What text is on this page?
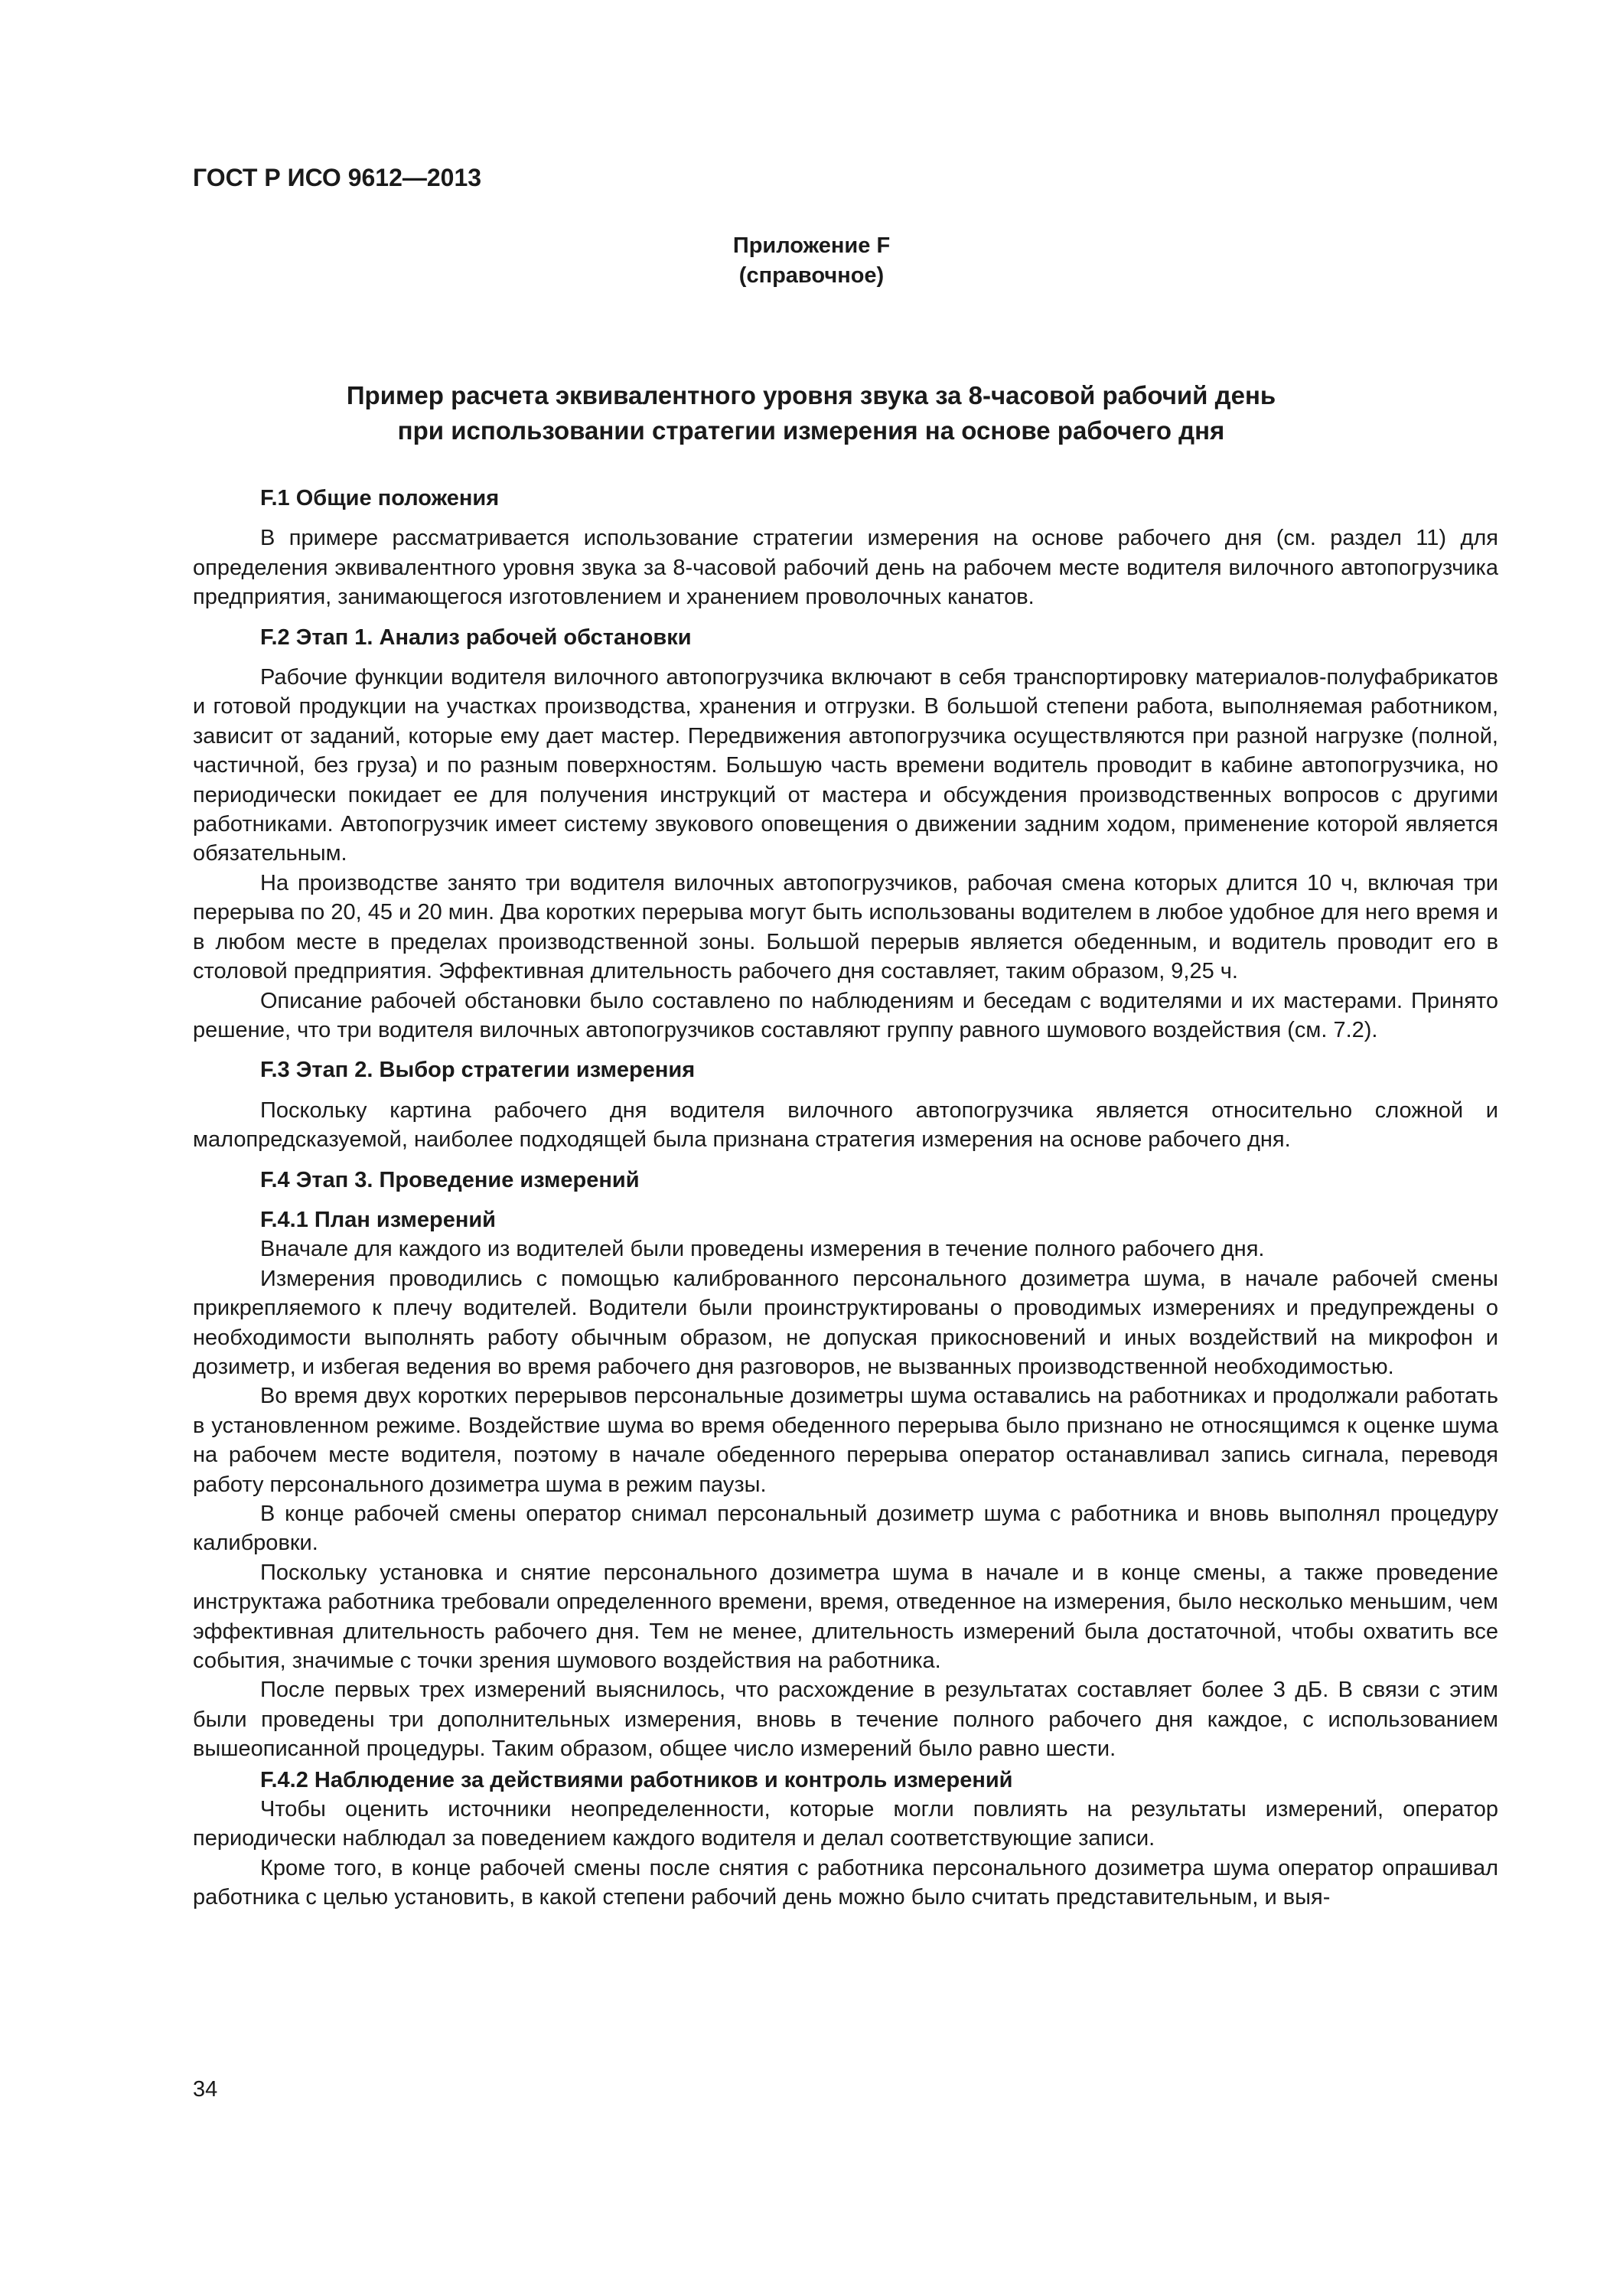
ГОСТ Р ИСО 9612—2013
Приложение F
(справочное)
Пример расчета эквивалентного уровня звука за 8-часовой рабочий день
при использовании стратегии измерения на основе рабочего дня
F.1 Общие положения

В примере рассматривается использование стратегии измерения на основе рабочего дня (см. раздел 11) для определения эквивалентного уровня звука за 8-часовой рабочий день на рабочем месте водителя вилочного автопогрузчика предприятия, занимающегося изготовлением и хранением проволочных канатов.

F.2 Этап 1. Анализ рабочей обстановки

Рабочие функции водителя вилочного автопогрузчика включают в себя транспортировку материалов-полуфабрикатов и готовой продукции на участках производства, хранения и отгрузки. В большой степени работа, выполняемая работником, зависит от заданий, которые ему дает мастер. Передвижения автопогрузчика осуществляются при разной нагрузке (полной, частичной, без груза) и по разным поверхностям. Большую часть времени водитель проводит в кабине автопогрузчика, но периодически покидает ее для получения инструкций от мастера и обсуждения производственных вопросов с другими работниками. Автопогрузчик имеет систему звукового оповещения о движении задним ходом, применение которой является обязательным.

На производстве занято три водителя вилочных автопогрузчиков, рабочая смена которых длится 10 ч, включая три перерыва по 20, 45 и 20 мин. Два коротких перерыва могут быть использованы водителем в любое удобное для него время и в любом месте в пределах производственной зоны. Большой перерыв является обеденным, и водитель проводит его в столовой предприятия. Эффективная длительность рабочего дня составляет, таким образом, 9,25 ч.

Описание рабочей обстановки было составлено по наблюдениям и беседам с водителями и их мастерами. Принято решение, что три водителя вилочных автопогрузчиков составляют группу равного шумового воздействия (см. 7.2).

F.3 Этап 2. Выбор стратегии измерения

Поскольку картина рабочего дня водителя вилочного автопогрузчика является относительно сложной и малопредсказуемой, наиболее подходящей была признана стратегия измерения на основе рабочего дня.

F.4 Этап 3. Проведение измерений
F.4.1 План измерений

Вначале для каждого из водителей были проведены измерения в течение полного рабочего дня.

Измерения проводились с помощью калиброванного персонального дозиметра шума, в начале рабочей смены прикрепляемого к плечу водителей. Водители были проинструктированы о проводимых измерениях и предупреждены о необходимости выполнять работу обычным образом, не допуская прикосновений и иных воздействий на микрофон и дозиметр, и избегая ведения во время рабочего дня разговоров, не вызванных производственной необходимостью.

Во время двух коротких перерывов персональные дозиметры шума оставались на работниках и продолжали работать в установленном режиме. Воздействие шума во время обеденного перерыва было признано не относящимся к оценке шума на рабочем месте водителя, поэтому в начале обеденного перерыва оператор останавливал запись сигнала, переводя работу персонального дозиметра шума в режим паузы.

В конце рабочей смены оператор снимал персональный дозиметр шума с работника и вновь выполнял процедуру калибровки.

Поскольку установка и снятие персонального дозиметра шума в начале и в конце смены, а также проведение инструктажа работника требовали определенного времени, время, отведенное на измерения, было несколько меньшим, чем эффективная длительность рабочего дня. Тем не менее, длительность измерений была достаточной, чтобы охватить все события, значимые с точки зрения шумового воздействия на работника.

После первых трех измерений выяснилось, что расхождение в результатах составляет более 3 дБ. В связи с этим были проведены три дополнительных измерения, вновь в течение полного рабочего дня каждое, с использованием вышеописанной процедуры. Таким образом, общее число измерений было равно шести.

F.4.2 Наблюдение за действиями работников и контроль измерений

Чтобы оценить источники неопределенности, которые могли повлиять на результаты измерений, оператор периодически наблюдал за поведением каждого водителя и делал соответствующие записи.

Кроме того, в конце рабочей смены после снятия с работника персонального дозиметра шума оператор опрашивал работника с целью установить, в какой степени рабочий день можно было считать представительным, и выя-

34
